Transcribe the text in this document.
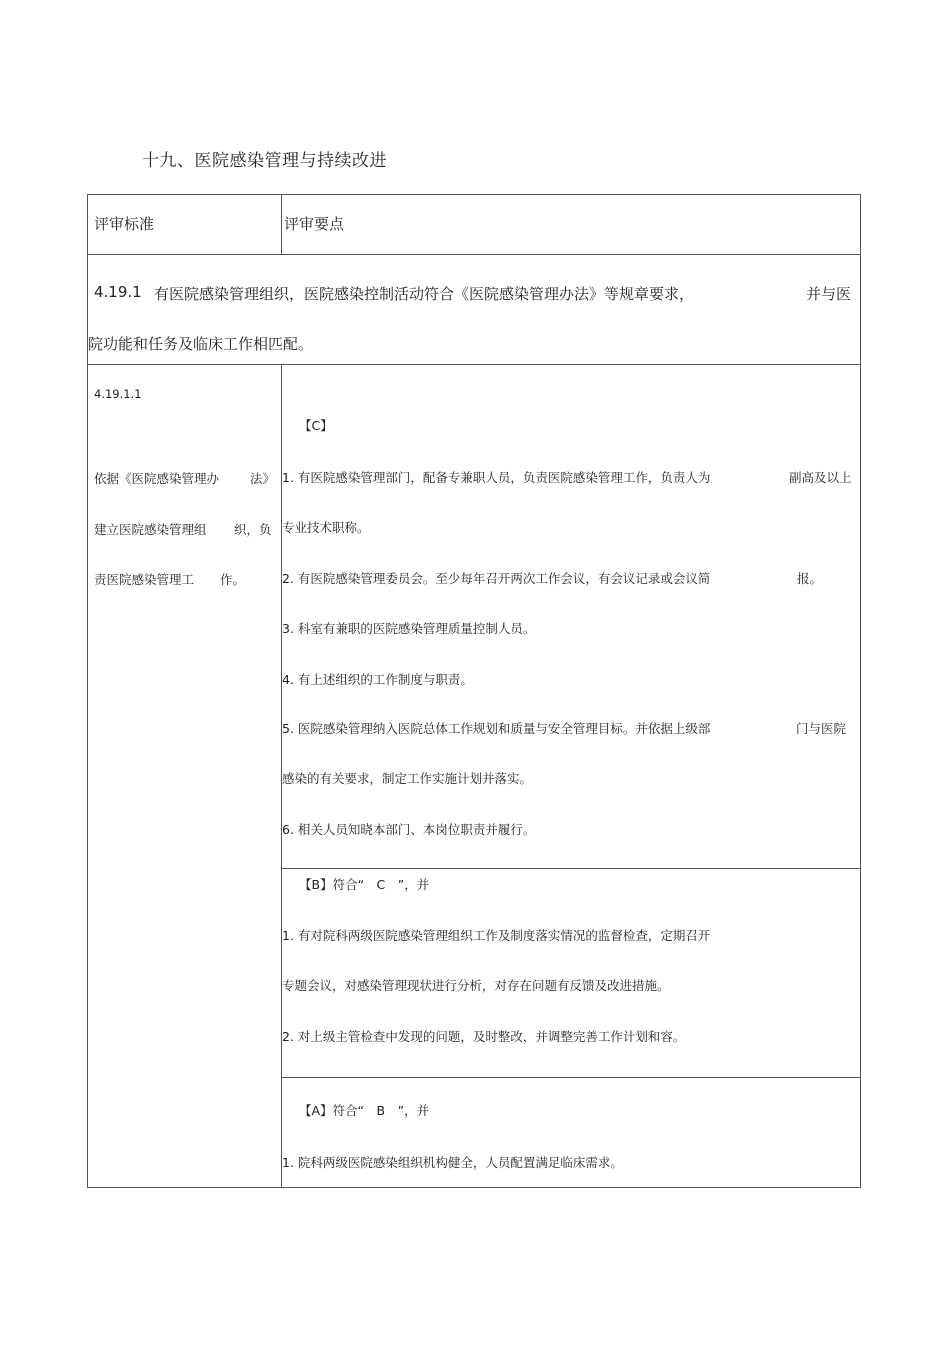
十九、医院感染管理与持续改进
评审标准	评审要点
4.19.1 有医院感染管理组织，医院感染控制活动符合《医院感染管理办法》等规章要求，	并与医
院功能和任务及临床工作相匹配。
4.19.1.1
依据《医院感染管理办 法》
建立医院感染管理组 织，负
责医院感染管理工 作。
【C】
1. 有医院感染管理部门，配备专兼职人员，负责医院感染管理工作，负责人为	副高及以上
专业技术职称。
2. 有医院感染管理委员会。至少每年召开两次工作会议，有会议记录或会议简	报。
3. 科室有兼职的医院感染管理质量控制人员。
4. 有上述组织的工作制度与职责。
5. 医院感染管理纳入医院总体工作规划和质量与安全管理目标。并依据上级部	门与医院
感染的有关要求，制定工作实施计划并落实。
6. 相关人员知晓本部门、本岗位职责并履行。
【B】符合“　C　”，并
1. 有对院科两级医院感染管理组织工作及制度落实情况的监督检查，定期召开
专题会议，对感染管理现状进行分析，对存在问题有反馈及改进措施。
2. 对上级主管检查中发现的问题，及时整改，并调整完善工作计划和容。
【A】符合“　B　”，并
1. 院科两级医院感染组织机构健全，人员配置满足临床需求。
